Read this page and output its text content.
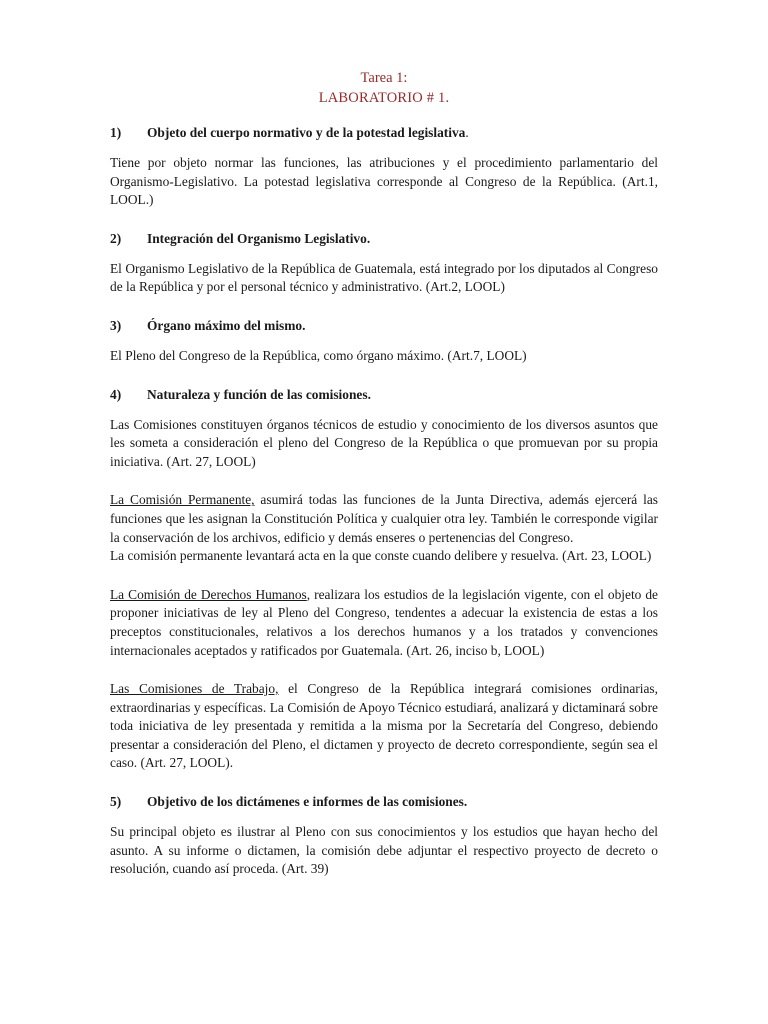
Tarea 1:
LABORATORIO # 1.
1)	Objeto del cuerpo normativo y de la potestad legislativa.

Tiene por objeto normar las funciones, las atribuciones y el procedimiento parlamentario del Organismo-Legislativo. La potestad legislativa corresponde al Congreso de la República. (Art.1, LOOL.)

2)	Integración del Organismo Legislativo.

El Organismo Legislativo de la República de Guatemala, está integrado por los diputados al Congreso de la República y por el personal técnico y administrativo. (Art.2, LOOL)

3)	Órgano máximo del mismo.

El Pleno del Congreso de la República, como órgano máximo. (Art.7, LOOL)

4)	Naturaleza y función de las comisiones.

Las Comisiones constituyen órganos técnicos de estudio y conocimiento de los diversos asuntos que les someta a consideración el pleno del Congreso de la República o que promuevan por su propia iniciativa. (Art. 27, LOOL)

La Comisión Permanente, asumirá todas las funciones de la Junta Directiva, además ejercerá las funciones que les asignan la Constitución Política y cualquier otra ley. También le corresponde vigilar la conservación de los archivos, edificio y demás enseres o pertenencias del Congreso.

La comisión permanente levantará acta en la que conste cuando delibere y resuelva. (Art. 23, LOOL)

La Comisión de Derechos Humanos, realizara los estudios de la legislación vigente, con el objeto de proponer iniciativas de ley al Pleno del Congreso, tendentes a adecuar la existencia de estas a los preceptos constitucionales, relativos a los derechos humanos y a los tratados y convenciones internacionales aceptados y ratificados por Guatemala. (Art. 26, inciso b, LOOL)

Las Comisiones de Trabajo, el Congreso de la República integrará comisiones ordinarias, extraordinarias y específicas. La Comisión de Apoyo Técnico estudiará, analizará y dictaminará sobre toda iniciativa de ley presentada y remitida a la misma por la Secretaría del Congreso, debiendo presentar a consideración del Pleno, el dictamen y proyecto de decreto correspondiente, según sea el caso. (Art. 27, LOOL).

5)	Objetivo de los dictámenes e informes de las comisiones.

Su principal objeto es ilustrar al Pleno con sus conocimientos y los estudios que hayan hecho del asunto. A su informe o dictamen, la comisión debe adjuntar el respectivo proyecto de decreto o resolución, cuando así proceda. (Art. 39)
